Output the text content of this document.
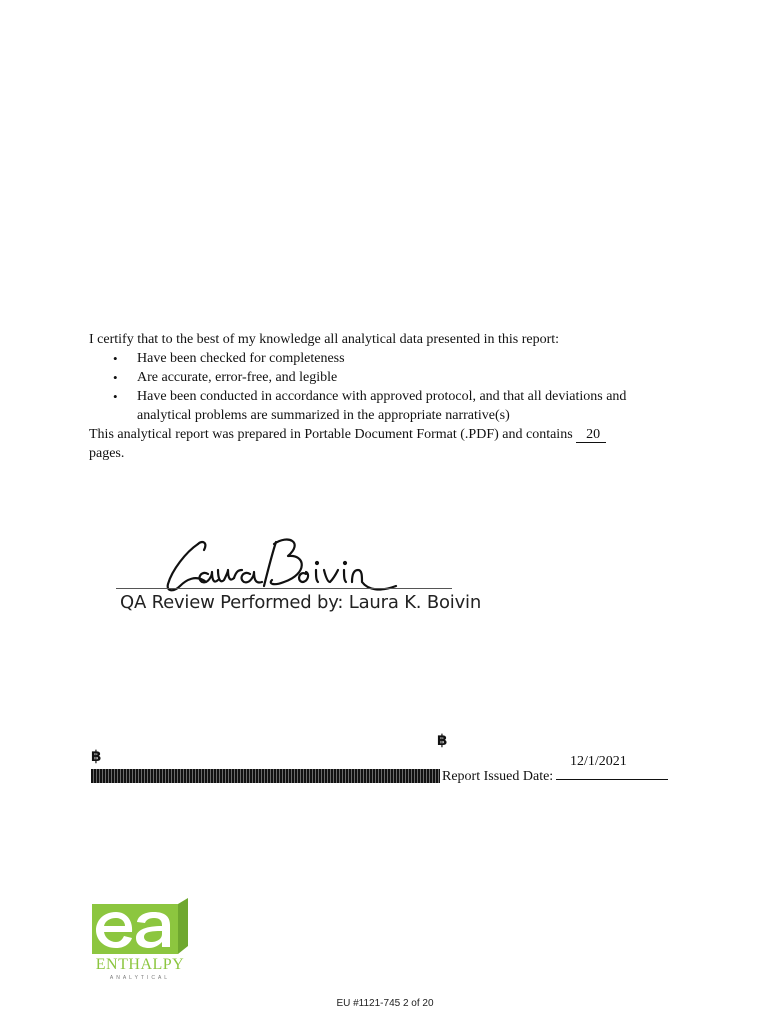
I certify that to the best of my knowledge all analytical data presented in this report:

• Have been checked for completeness
• Are accurate, error-free, and legible
• Have been conducted in accordance with approved protocol, and that all deviations and analytical problems are summarized in the appropriate narrative(s)

This analytical report was prepared in Portable Document Format (.PDF) and contains 20

pages.

QA Review Performed by: Laura K. Boivin
฿
฿	12/1/2021
Report Issued Date:
ENTHALPY
ANALYTICAL
EU #1121-745 2 of 20
